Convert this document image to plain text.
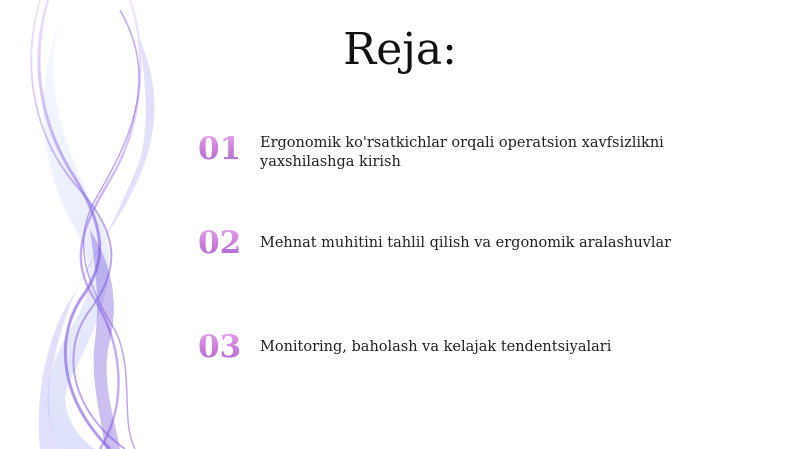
Reja:
01	Ergonomik ko'rsatkichlar orqali operatsion xavfsizlikni yaxshilashga kirish
02	Mehnat muhitini tahlil qilish va ergonomik aralashuvlar
03	Monitoring, baholash va kelajak tendentsiyalari
